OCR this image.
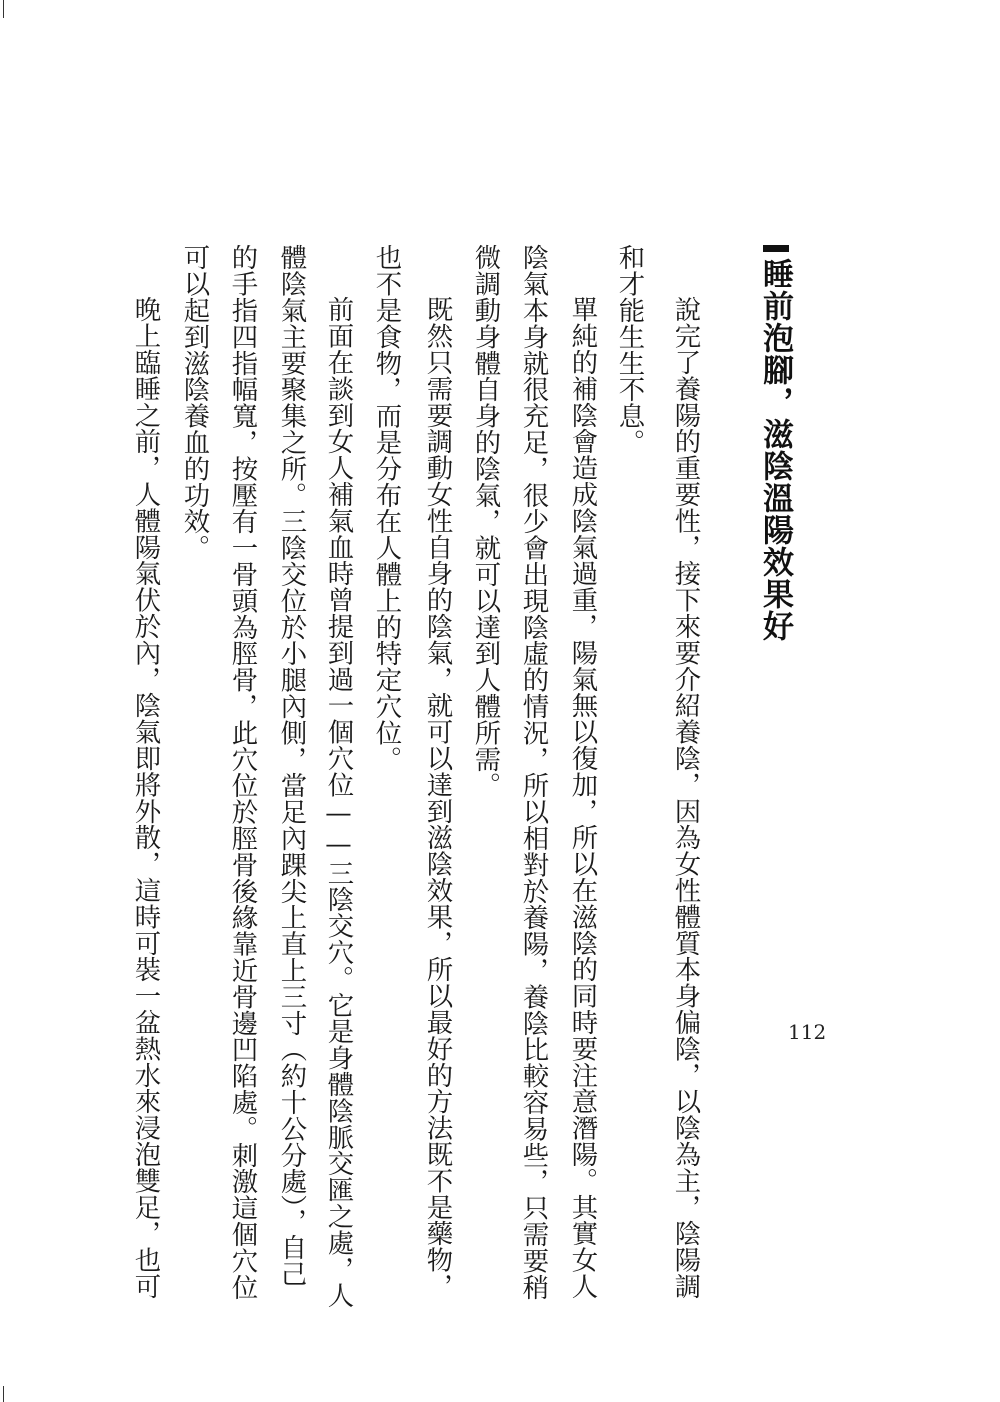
睡前泡腳，滋陰溫陽效果好

說完了養陽的重要性，接下來要介紹養陰，因為女性體質本身偏陰，以陰為主，陰陽調

和才能生生不息。

單純的補陰會造成陰氣過重，陽氣無以復加，所以在滋陰的同時要注意潛陽。其實女人

陰氣本身就很充足，很少會出現陰虛的情況，所以相對於養陽，養陰比較容易些，只需要稍

微調動身體自身的陰氣，就可以達到人體所需。

既然只需要調動女性自身的陰氣，就可以達到滋陰效果，所以最好的方法既不是藥物，

也不是食物，而是分布在人體上的特定穴位。

前面在談到女人補氣血時曾提到過一個穴位——三陰交穴。它是身體陰脈交匯之處，人

體陰氣主要聚集之所。三陰交位於小腿內側，當足內踝尖上直上三寸（約十公分處），自己

的手指四指幅寬，按壓有一骨頭為脛骨，此穴位於脛骨後緣靠近骨邊凹陷處。刺激這個穴位

可以起到滋陰養血的功效。

晚上臨睡之前，人體陽氣伏於內，陰氣即將外散，這時可裝一盆熱水來浸泡雙足，也可	112
